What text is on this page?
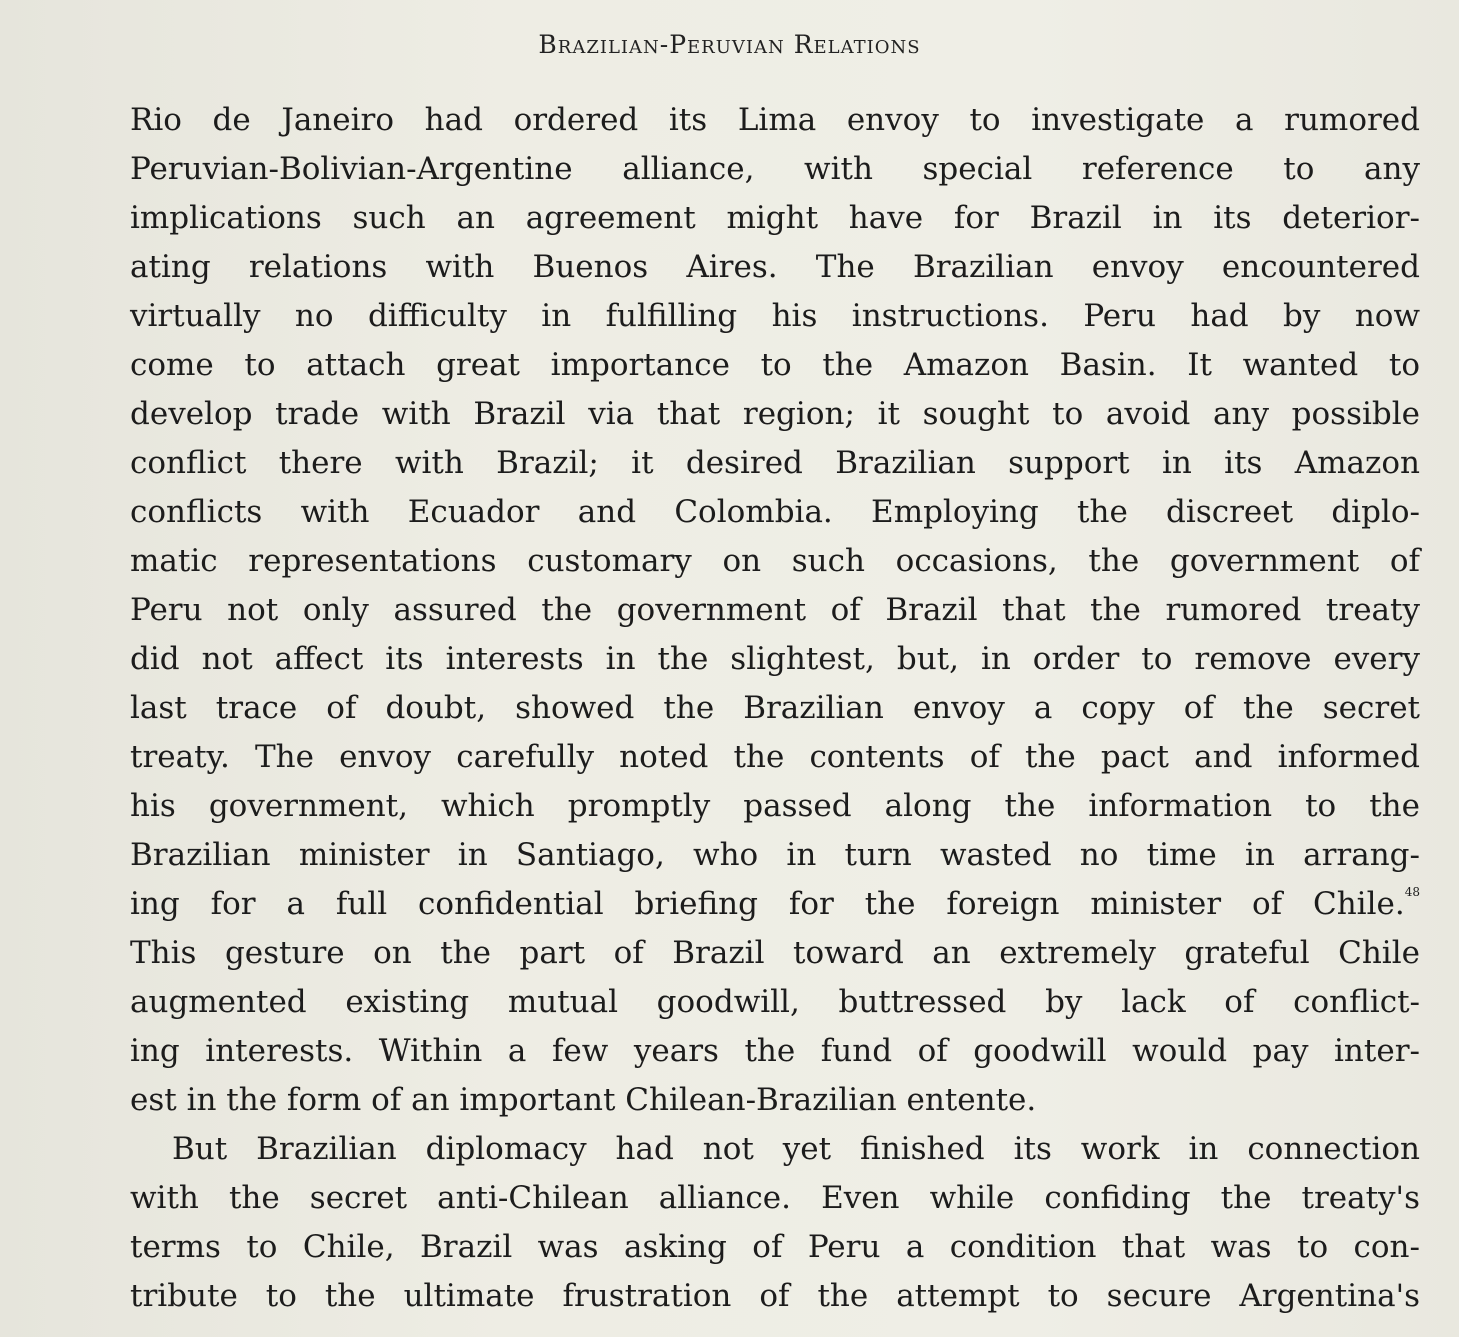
Brazilian-Peruvian Relations
Rio de Janeiro had ordered its Lima envoy to investigate a rumored
Peruvian-Bolivian-Argentine alliance, with special reference to any
implications such an agreement might have for Brazil in its deterior-
ating relations with Buenos Aires. The Brazilian envoy encountered
virtually no difficulty in fulfilling his instructions. Peru had by now
come to attach great importance to the Amazon Basin. It wanted to
develop trade with Brazil via that region; it sought to avoid any possible
conflict there with Brazil; it desired Brazilian support in its Amazon
conflicts with Ecuador and Colombia. Employing the discreet diplo-
matic representations customary on such occasions, the government of
Peru not only assured the government of Brazil that the rumored treaty
did not affect its interests in the slightest, but, in order to remove every
last trace of doubt, showed the Brazilian envoy a copy of the secret
treaty. The envoy carefully noted the contents of the pact and informed
his government, which promptly passed along the information to the
Brazilian minister in Santiago, who in turn wasted no time in arrang-
ing for a full confidential briefing for the foreign minister of Chile.$^{48}$
This gesture on the part of Brazil toward an extremely grateful Chile
augmented existing mutual goodwill, buttressed by lack of conflict-
ing interests. Within a few years the fund of goodwill would pay inter-
est in the form of an important Chilean-Brazilian entente.
But Brazilian diplomacy had not yet finished its work in connection
with the secret anti-Chilean alliance. Even while confiding the treaty's
terms to Chile, Brazil was asking of Peru a condition that was to con-
tribute to the ultimate frustration of the attempt to secure Argentina's
